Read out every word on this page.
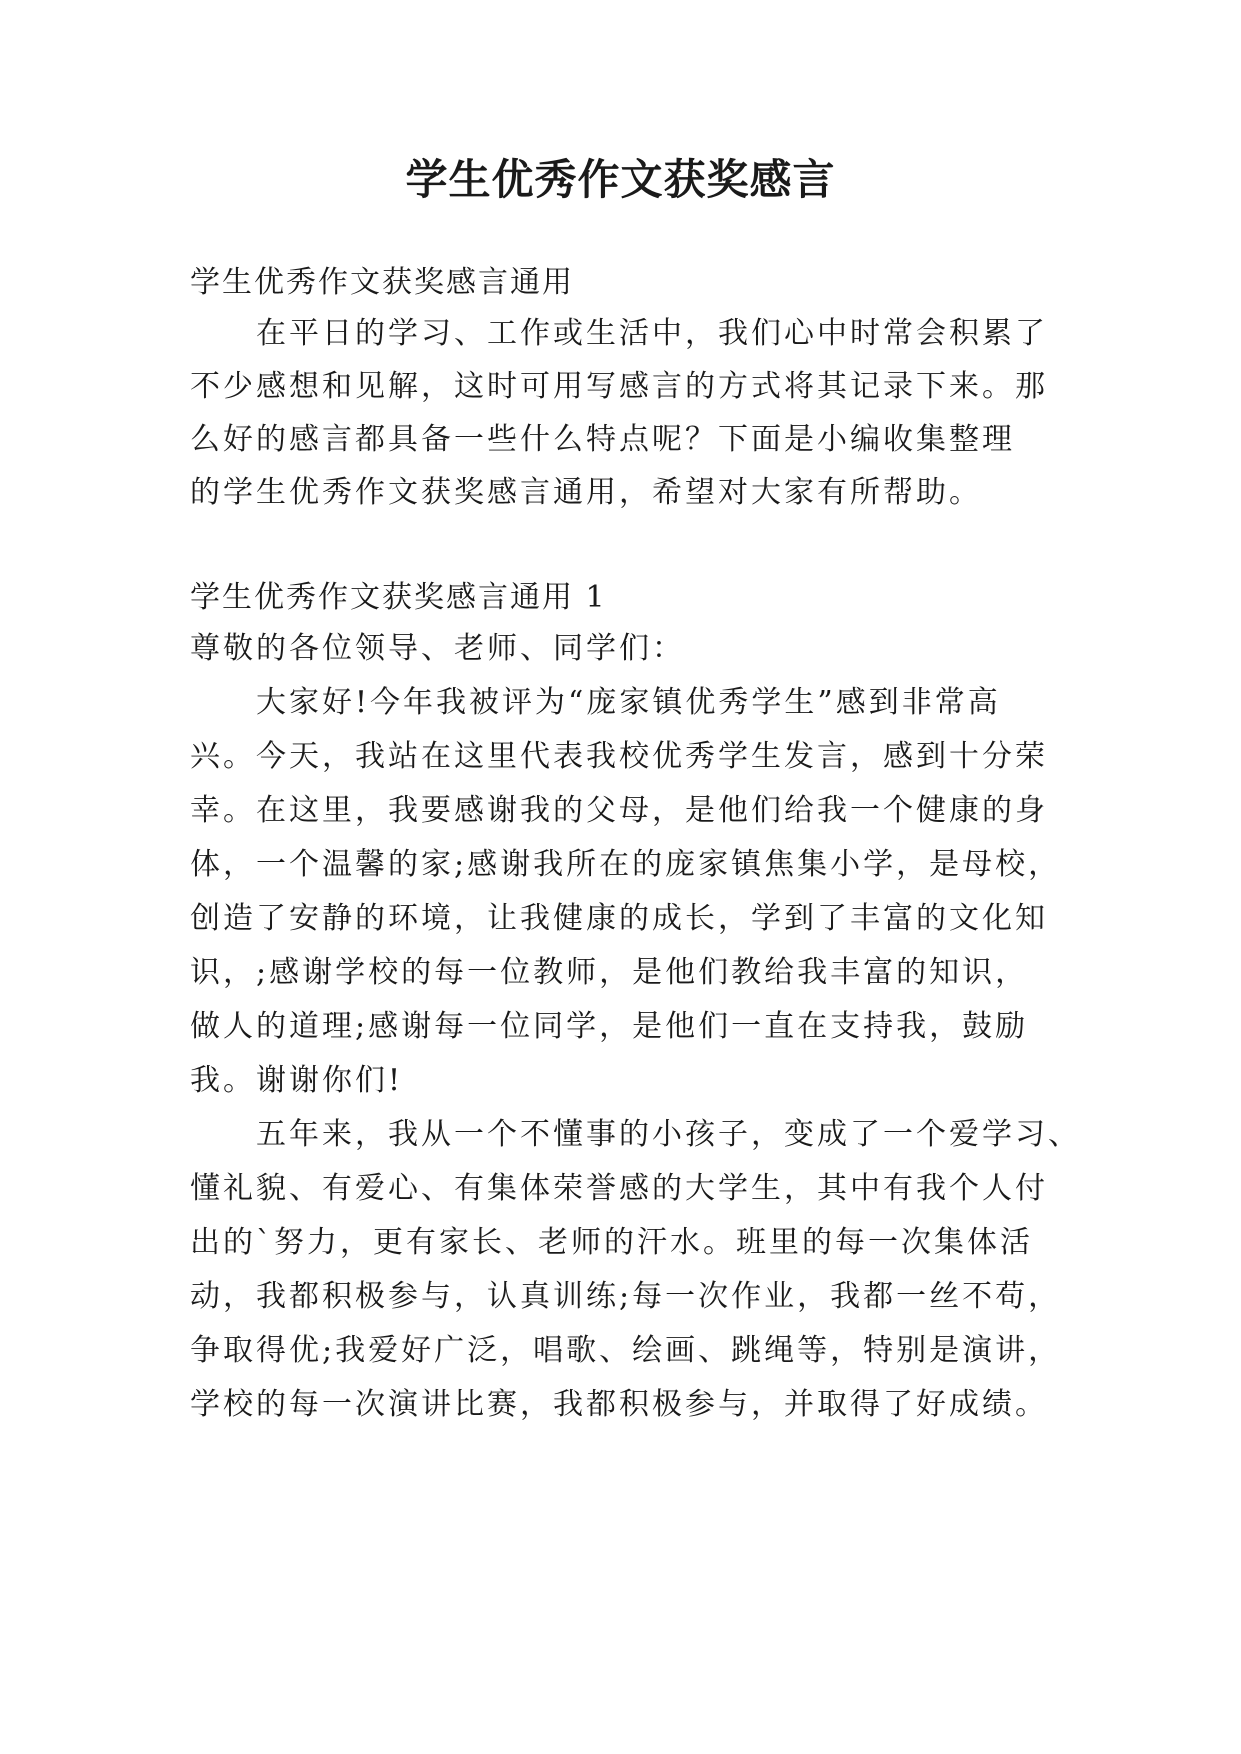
学生优秀作文获奖感言

学生优秀作文获奖感言通用

在平日的学习、工作或生活中，我们心中时常会积累了

不少感想和见解，这时可用写感言的方式将其记录下来。那

么好的感言都具备一些什么特点呢？下面是小编收集整理

的学生优秀作文获奖感言通用，希望对大家有所帮助。

学生优秀作文获奖感言通用 1

尊敬的各位领导、老师、同学们：

大家好!今年我被评为“庞家镇优秀学生”感到非常高

兴。今天，我站在这里代表我校优秀学生发言，感到十分荣

幸。在这里，我要感谢我的父母，是他们给我一个健康的身

体，一个温馨的家;感谢我所在的庞家镇焦集小学，是母校，

创造了安静的环境，让我健康的成长，学到了丰富的文化知

识，;感谢学校的每一位教师，是他们教给我丰富的知识，

做人的道理;感谢每一位同学，是他们一直在支持我，鼓励

我。谢谢你们!

五年来，我从一个不懂事的小孩子，变成了一个爱学习、

懂礼貌、有爱心、有集体荣誉感的大学生，其中有我个人付

出的`努力，更有家长、老师的汗水。班里的每一次集体活

动，我都积极参与，认真训练;每一次作业，我都一丝不苟，

争取得优;我爱好广泛，唱歌、绘画、跳绳等，特别是演讲，

学校的每一次演讲比赛，我都积极参与，并取得了好成绩。
